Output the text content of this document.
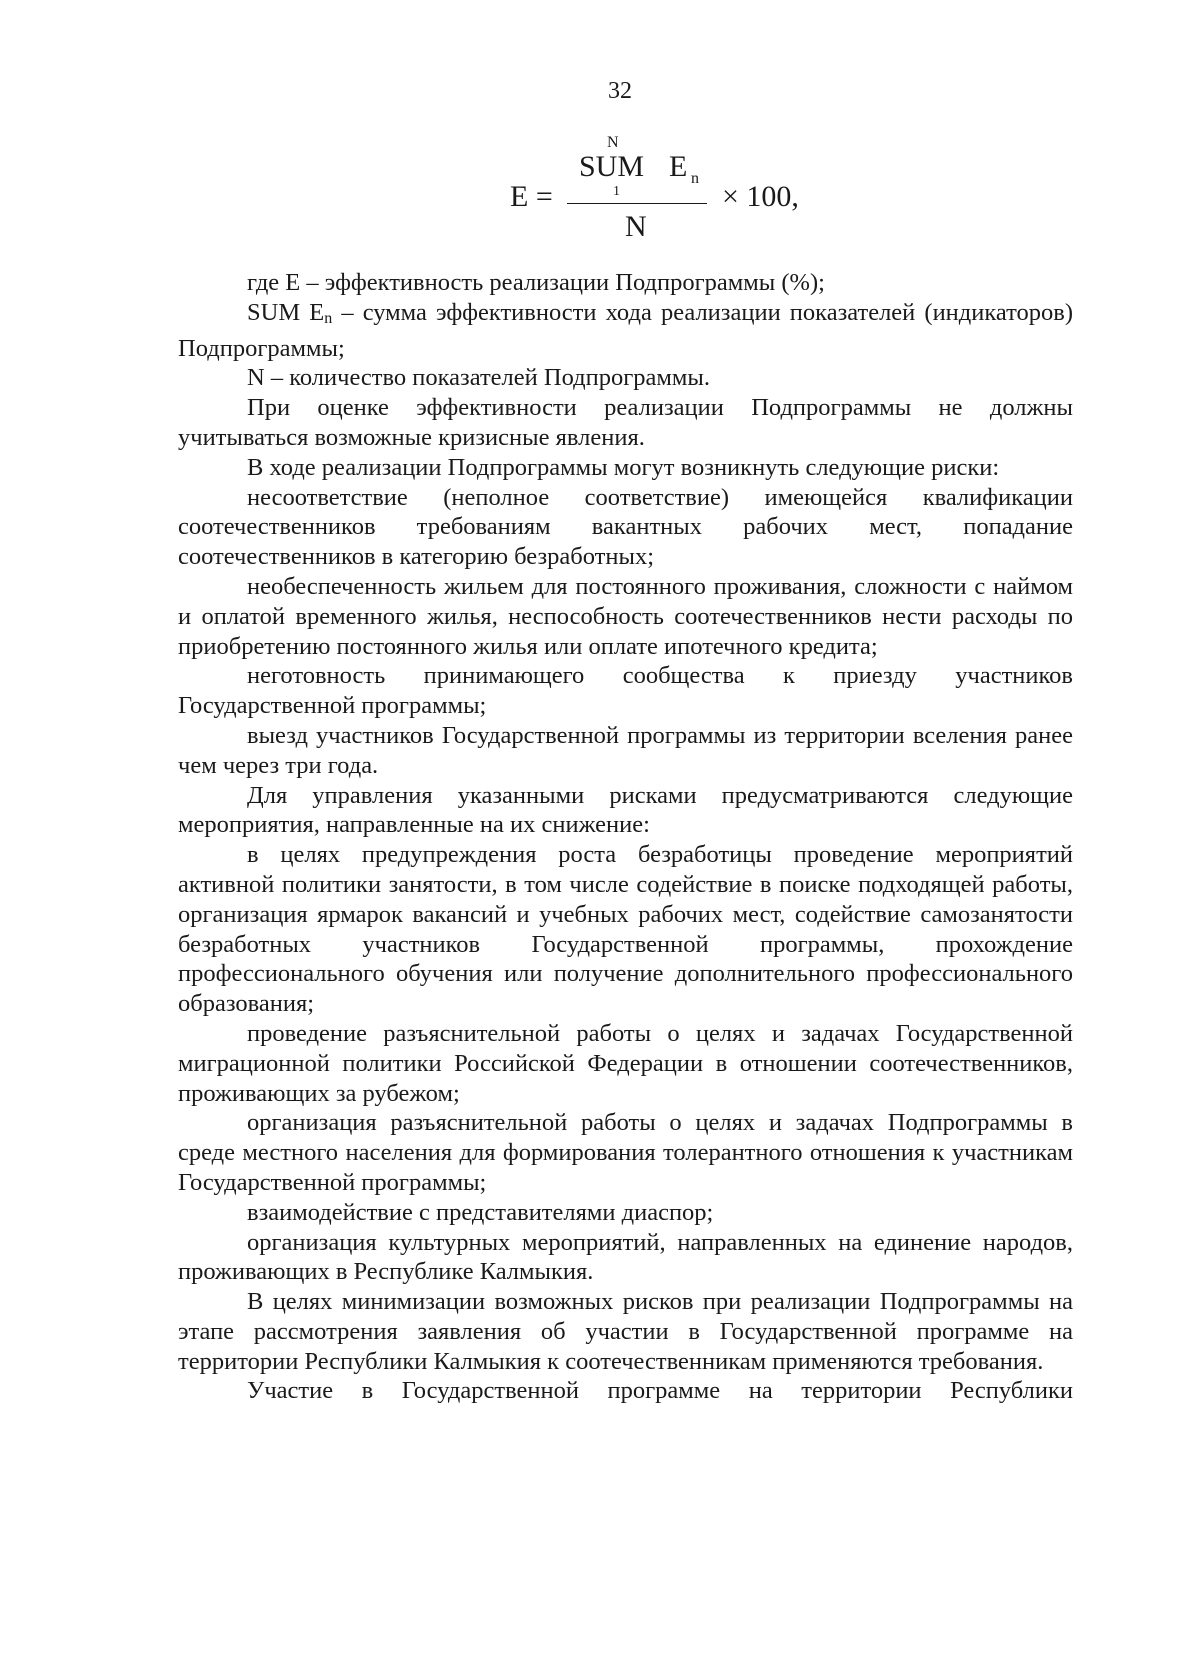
32
E =
N
SUM E n
1
N
× 100,

где Е – эффективность реализации Подпрограммы (%);

SUM En – сумма эффективности хода реализации показателей (индикаторов) Подпрограммы;

N – количество показателей Подпрограммы.

При оценке эффективности реализации Подпрограммы не должны учитываться возможные кризисные явления.

В ходе реализации Подпрограммы могут возникнуть следующие риски:

несоответствие (неполное соответствие) имеющейся квалификации соотечественников требованиям вакантных рабочих мест, попадание соотечественников в категорию безработных;

необеспеченность жильем для постоянного проживания, сложности с наймом и оплатой временного жилья, неспособность соотечественников нести расходы по приобретению постоянного жилья или оплате ипотечного кредита;

неготовность принимающего сообщества к приезду участников Государственной программы;

выезд участников Государственной программы из территории вселения ранее чем через три года.

Для управления указанными рисками предусматриваются следующие мероприятия, направленные на их снижение:

в целях предупреждения роста безработицы проведение мероприятий активной политики занятости, в том числе содействие в поиске подходящей работы, организация ярмарок вакансий и учебных рабочих мест, содействие самозанятости безработных участников Государственной программы, прохождение профессионального обучения или получение дополнительного профессионального образования;

проведение разъяснительной работы о целях и задачах Государственной миграционной политики Российской Федерации в отношении соотечественников, проживающих за рубежом;

организация разъяснительной работы о целях и задачах Подпрограммы в среде местного населения для формирования толерантного отношения к участникам Государственной программы;

взаимодействие с представителями диаспор;

организация культурных мероприятий, направленных на единение народов, проживающих в Республике Калмыкия.

В целях минимизации возможных рисков при реализации Подпрограммы на этапе рассмотрения заявления об участии в Государственной программе на территории Республики Калмыкия к соотечественникам применяются требования.

Участие в Государственной программе на территории Республики
